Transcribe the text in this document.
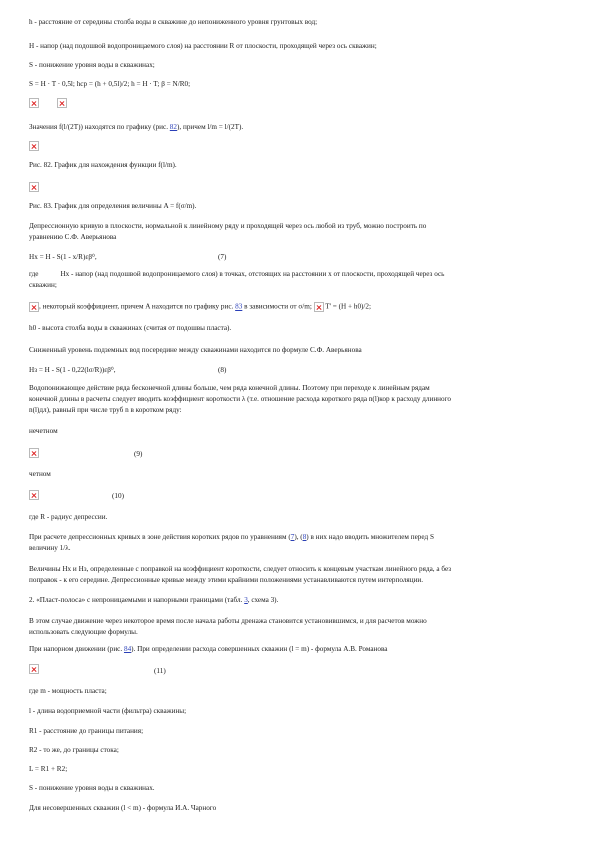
h - расстояние от середины столба воды в скважине до непониженного уровня грунтовых вод;
H - напор (над подошвой водопроницаемого слоя) на расстоянии R от плоскости, проходящей через ось скважин;
S - понижение уровня воды в скважинах;
S = H · T · 0,5l; hср = (h + 0,5l)/2; h = H · T; β = N/R0;

Значения f(l/(2T)) находятся по графику (рис. 82), причем l/m = l/(2T).
Рис. 82. График для нахождения функции f(l/m).
Рис. 83. График для определения величины A = f(σ/m).
Депрессионную кривую в плоскости, нормальной к линейному ряду и проходящей через ось любой из труб, можно построить по
уравнению С.Ф. Аверьянова
Hx = H - S(1 - x/R)εβ⁰,	(7)
где	Hx - напор (над подошвой водопроницаемого слоя) в точках, отстоящих на расстоянии x от плоскости, проходящей через ось
скважин;
, некоторый коэффициент, причем A находится по графику рис. 83 в зависимости от σ/m;  T' = (H + h0)/2;
h0 - высота столба воды в скважинах (считая от подошвы пласта).
Сниженный уровень подземных вод посередине между скважинами находится по формуле С.Ф. Аверьянова
Hз = H - S(1 - 0,22(lσ/R))εβ⁰,	(8)
Водопонижающее действие ряда бесконечной длины больше, чем ряда конечной длины. Поэтому при переходе к линейным рядам
конечной длины в расчеты следует вводить коэффициент короткости λ (т.е. отношение расхода короткого ряда n(l)кор к расходу длинного
n(l)дл), равный при числе труб n в коротком ряду:
нечетном
(9)
четном
(10)
где R - радиус депрессии.
При расчете депрессионных кривых в зоне действия коротких рядов по уравнениям (7), (8) в них надо вводить множителем перед S
величину 1/λ.
Величины Hx и Hз, определенные с поправкой на коэффициент короткости, следует относить к концевым участкам линейного ряда, а без
поправок - к его середине. Депрессионные кривые между этими крайними положениями устанавливаются путем интерполяции.
2. «Пласт-полоса» с непроницаемыми и напорными границами (табл. 3, схема 3).
В этом случае движение через некоторое время после начала работы дренажа становится установившимся, и для расчетов можно
использовать следующие формулы.
При напорном движении (рис. 84). При определении расхода совершенных скважин (l = m) - формула А.В. Романова
(11)
где m - мощность пласта;
l - длина водоприемной части (фильтра) скважины;
R1 - расстояние до границы питания;
R2 - то же, до границы стока;
L = R1 + R2;
S - понижение уровня воды в скважинах.
Для несовершенных скважин (l < m) - формула И.А. Чарного
